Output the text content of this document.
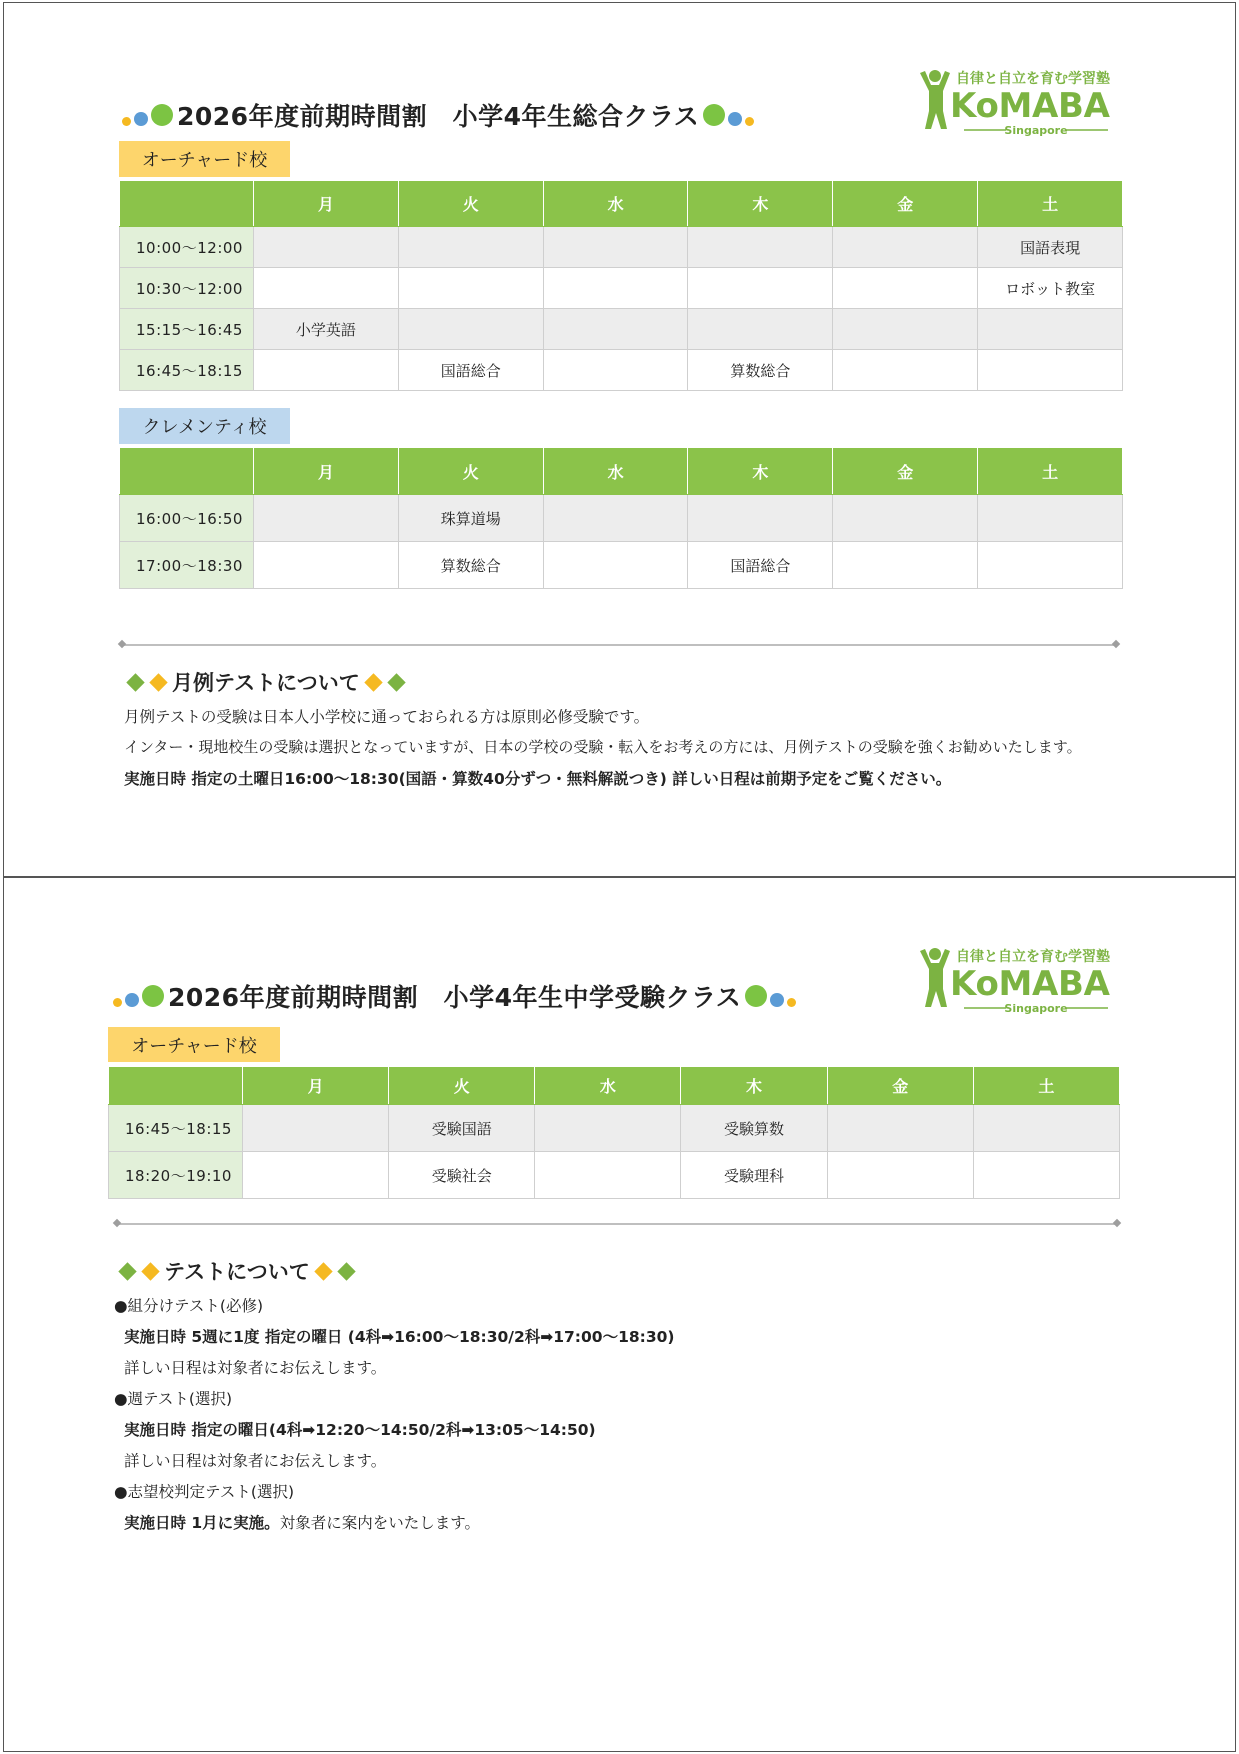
2026年度前期時間割　小学4年生総合クラス
自律と自立を育む学習塾
KoMABA
Singapore
オーチャード校
	月	火	水	木	金	土
10:00～12:00						国語表現
10:30～12:00						ロボット教室
15:15～16:45	小学英語					
16:45～18:15		国語総合		算数総合		
クレメンティ校
	月	火	水	木	金	土
16:00～16:50		珠算道場				
17:00～18:30		算数総合		国語総合		
月例テストについて
月例テストの受験は日本人小学校に通っておられる方は原則必修受験です。
インター・現地校生の受験は選択となっていますが、日本の学校の受験・転入をお考えの方には、月例テストの受験を強くお勧めいたします。
実施日時 指定の土曜日16:00～18:30(国語・算数40分ずつ・無料解説つき) 詳しい日程は前期予定をご覧ください。
2026年度前期時間割　小学4年生中学受験クラス
自律と自立を育む学習塾
KoMABA
Singapore
オーチャード校
	月	火	水	木	金	土
16:45～18:15		受験国語		受験算数		
18:20～19:10		受験社会		受験理科		
テストについて
●組分けテスト(必修)
実施日時 5週に1度 指定の曜日 (4科➡16:00～18:30/2科➡17:00～18:30)
詳しい日程は対象者にお伝えします。
●週テスト(選択)
実施日時 指定の曜日(4科➡12:20～14:50/2科➡13:05～14:50)
詳しい日程は対象者にお伝えします。
●志望校判定テスト(選択)
実施日時 1月に実施。対象者に案内をいたします。
